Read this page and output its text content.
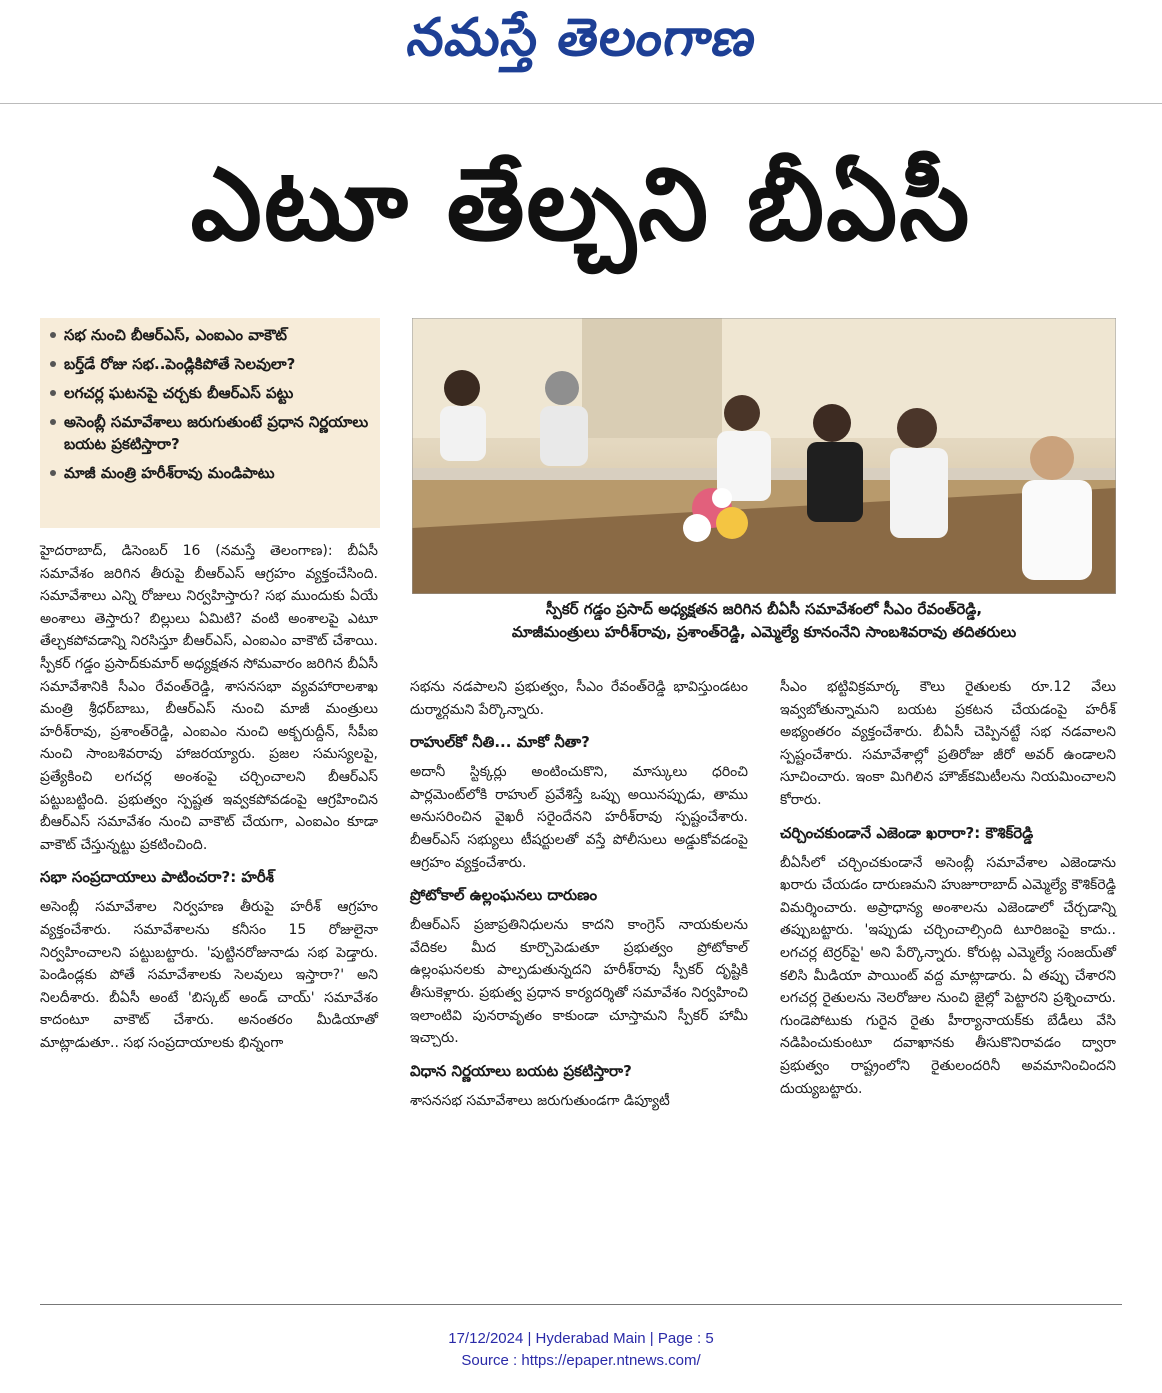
నమస్తే తెలంగాణ
ఎటూ తేల్చని బీఏసీ
సభ నుంచి బీఆర్ఎస్, ఎంఐఎం వాకౌట్
బర్త్‌డే రోజు సభ..పెండ్లికిపోతే సెలవులా?
లగచర్ల ఘటనపై చర్చకు బీఆర్ఎస్ పట్టు
అసెంబ్లీ సమావేశాలు జరుగుతుంటే ప్రధాన నిర్ణయాలు బయట ప్రకటిస్తారా?
మాజీ మంత్రి హరీశ్‌రావు మండిపాటు
స్పీకర్ గడ్డం ప్రసాద్ అధ్యక్షతన జరిగిన బీఏసీ సమావేశంలో సీఎం రేవంత్‌రెడ్డి,
మాజీమంత్రులు హరీశ్‌రావు, ప్రశాంత్‌రెడ్డి, ఎమ్మెల్యే కూనంనేని సాంబశివరావు తదితరులు

హైదరాబాద్, డిసెంబర్ 16 (నమస్తే తెలంగాణ): బీఏసీ సమావేశం జరిగిన తీరుపై బీఆర్ఎస్ ఆగ్రహం వ్యక్తంచేసింది. సమావేశాలు ఎన్ని రోజులు నిర్వహిస్తారు? సభ ముందుకు ఏయే అంశాలు తెస్తారు? బిల్లులు ఏమిటి? వంటి అంశాలపై ఎటూ తేల్చకపోవడాన్ని నిరసిస్తూ బీఆర్ఎస్, ఎంఐఎం వాకౌట్ చేశాయి. స్పీకర్ గడ్డం ప్రసాద్‌కుమార్ అధ్యక్షతన సోమవారం జరిగిన బీఏసీ సమావేశానికి సీఎం రేవంత్‌రెడ్డి, శాసనసభా వ్యవహారాలశాఖ మంత్రి శ్రీధర్‌బాబు, బీఆర్ఎస్ నుంచి మాజీ మంత్రులు హరీశ్‌రావు, ప్రశాంత్‌రెడ్డి, ఎంఐఎం నుంచి అక్బరుద్దీన్, సీపీఐ నుంచి సాంబశివరావు హాజరయ్యారు. ప్రజల సమస్యలపై, ప్రత్యేకించి లగచర్ల అంశంపై చర్చించాలని బీఆర్ఎస్ పట్టుబట్టింది. ప్రభుత్వం స్పష్టత ఇవ్వకపోవడంపై ఆగ్రహించిన బీఆర్ఎస్ సమావేశం నుంచి వాకౌట్ చేయగా, ఎంఐఎం కూడా వాకౌట్ చేస్తున్నట్టు ప్రకటించింది.

సభా సంప్రదాయాలు పాటించరా?: హరీశ్

అసెంబ్లీ సమావేశాల నిర్వహణ తీరుపై హరీశ్ ఆగ్రహం వ్యక్తంచేశారు. సమావేశాలను కనీసం 15 రోజులైనా నిర్వహించాలని పట్టుబట్టారు. 'పుట్టినరోజునాడు సభ పెడ్తారు. పెండిండ్లకు పోతే సమావేశాలకు సెలవులు ఇస్తారా?' అని నిలదీశారు. బీఏసీ అంటే 'బిస్కట్ అండ్ చాయ్' సమావేశం కాదంటూ వాకౌట్ చేశారు. అనంతరం మీడియాతో మాట్లాడుతూ.. సభ సంప్రదాయాలకు భిన్నంగా

సభను నడపాలని ప్రభుత్వం, సీఎం రేవంత్‌రెడ్డి భావిస్తుండటం దుర్మార్గమని పేర్కొన్నారు.

రాహుల్‌కో నీతి... మాకో నీతా?

అదానీ స్టిక్కర్లు అంటించుకొని, మాస్కులు ధరించి పార్లమెంట్‌లోకి రాహుల్ ప్రవేశిస్తే ఒప్పు అయినప్పుడు, తాము అనుసరించిన వైఖరీ సరైందేనని హరీశ్‌రావు స్పష్టంచేశారు. బీఆర్ఎస్ సభ్యులు టీషర్టులతో వస్తే పోలీసులు అడ్డుకోవడంపై ఆగ్రహం వ్యక్తంచేశారు.

ప్రోటోకాల్ ఉల్లంఘనలు దారుణం

బీఆర్ఎస్ ప్రజాప్రతినిధులను కాదని కాంగ్రెస్ నాయకులను వేదికల మీద కూర్చొపెడుతూ ప్రభుత్వం ప్రోటోకాల్ ఉల్లంఘనలకు పాల్పడుతున్నదని హరీశ్‌రావు స్పీకర్ దృష్టికి తీసుకెళ్లారు. ప్రభుత్వ ప్రధాన కార్యదర్శితో సమావేశం నిర్వహించి ఇలాంటివి పునరావృతం కాకుండా చూస్తామని స్పీకర్ హామీ ఇచ్చారు.

విధాన నిర్ణయాలు బయట ప్రకటిస్తారా?

శాసనసభ సమావేశాలు జరుగుతుండగా డిప్యూటీ

సీఎం భట్టివిక్రమార్క కౌలు రైతులకు రూ.12 వేలు ఇవ్వబోతున్నామని బయట ప్రకటన చేయడంపై హరీశ్ అభ్యంతరం వ్యక్తంచేశారు. బీఏసీ చెప్పినట్టే సభ నడవాలని స్పష్టంచేశారు. సమావేశాల్లో ప్రతిరోజు జీరో అవర్ ఉండాలని సూచించారు. ఇంకా మిగిలిన హౌజ్‌కమిటీలను నియమించాలని కోరారు.

చర్చించకుండానే ఎజెండా ఖరారా?: కౌశిక్‌రెడ్డి

బీఏసీలో చర్చించకుండానే అసెంబ్లీ సమావేశాల ఎజెండాను ఖరారు చేయడం దారుణమని హుజూరాబాద్ ఎమ్మెల్యే కౌశిక్‌రెడ్డి విమర్శించారు. అప్రాధాన్య అంశాలను ఎజెండాలో చేర్చడాన్ని తప్పుబట్టారు. 'ఇప్పుడు చర్చించాల్సింది టూరిజంపై కాదు.. లగచర్ల టెర్రర్‌పై' అని పేర్కొన్నారు. కోరుట్ల ఎమ్మెల్యే సంజయ్‌తో కలిసి మీడియా పాయింట్ వద్ద మాట్లాడారు. ఏ తప్పు చేశారని లగచర్ల రైతులను నెలరోజుల నుంచి జైల్లో పెట్టారని ప్రశ్నించారు. గుండెపోటుకు గురైన రైతు హీర్యానాయక్‌కు బేడీలు వేసి నడిపించుకుంటూ దవాఖానకు తీసుకొనిరావడం ద్వారా ప్రభుత్వం రాష్ట్రంలోని రైతులందరినీ అవమానించిందని దుయ్యబట్టారు.

17/12/2024 | Hyderabad Main | Page : 5
Source : https://epaper.ntnews.com/
